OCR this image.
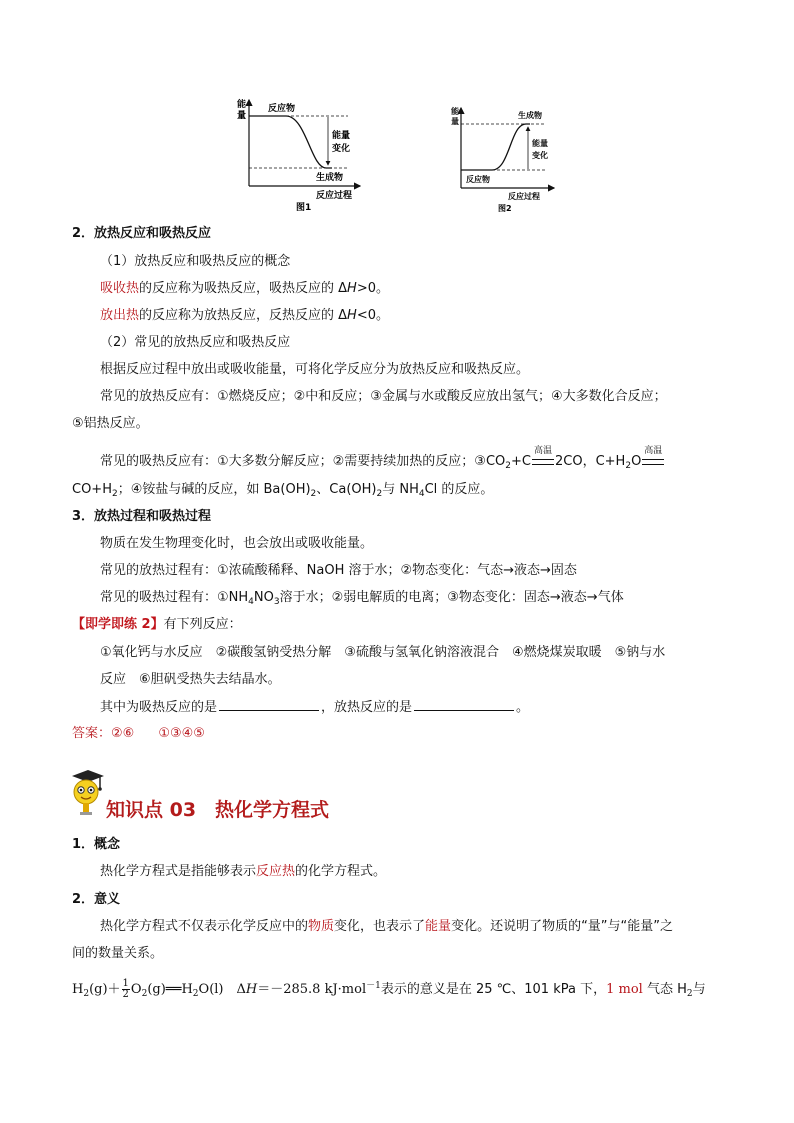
能
量
反应物
能量
变化
生成物
反应过程
图1
能
量
生成物
能量
变化
反应物
反应过程
图2
2．放热反应和吸热反应
（1）放热反应和吸热反应的概念
吸收热的反应称为吸热反应，吸热反应的 ΔH>0。
放出热的反应称为放热反应，反热反应的 ΔH<0。
（2）常见的放热反应和吸热反应
根据反应过程中放出或吸收能量，可将化学反应分为放热反应和吸热反应。
常见的放热反应有：①燃烧反应；②中和反应；③金属与水或酸反应放出氢气；④大多数化合反应；
⑤铝热反应。
常见的吸热反应有：①大多数分解反应；②需要持续加热的反应；$③CO_2+C$
高温
2CO，$C+H_2O$
高温
$CO+H_2$；④铵盐与碱的反应，如 $Ba(OH)_2$、$Ca(OH)_2$与 $NH_4Cl$ 的反应。
3．放热过程和吸热过程
物质在发生物理变化时，也会放出或吸收能量。
常见的放热过程有：①浓硫酸稀释、NaOH 溶于水；②物态变化：气态→液态→固态
常见的吸热过程有：$①NH_4NO_3$溶于水；②弱电解质的电离；③物态变化：固态→液态→气体
【即学即练 2】有下列反应：
①氧化钙与水反应　②碳酸氢钠受热分解　③硫酸与氢氧化钠溶液混合　④燃烧煤炭取暖　⑤钠与水
反应　⑥胆矾受热失去结晶水。
其中为吸热反应的是	，放热反应的是	。
答案：②⑥ ①③④⑤
知识点 03　热化学方程式
1．概念
热化学方程式是指能够表示反应热的化学方程式。
2．意义
热化学方程式不仅表示化学反应中的物质变化，也表示了能量变化。还说明了物质的“量”与“能量”之
间的数量关系。
$H_2(g)+ \frac{1}{2}$ $O_2(g)══H_2O(l)$　ΔH＝－285.8 kJ·mol$^{-1}$表示的意义是在 25 ℃、101 kPa 下，1 mol 气态 $H_2$与
